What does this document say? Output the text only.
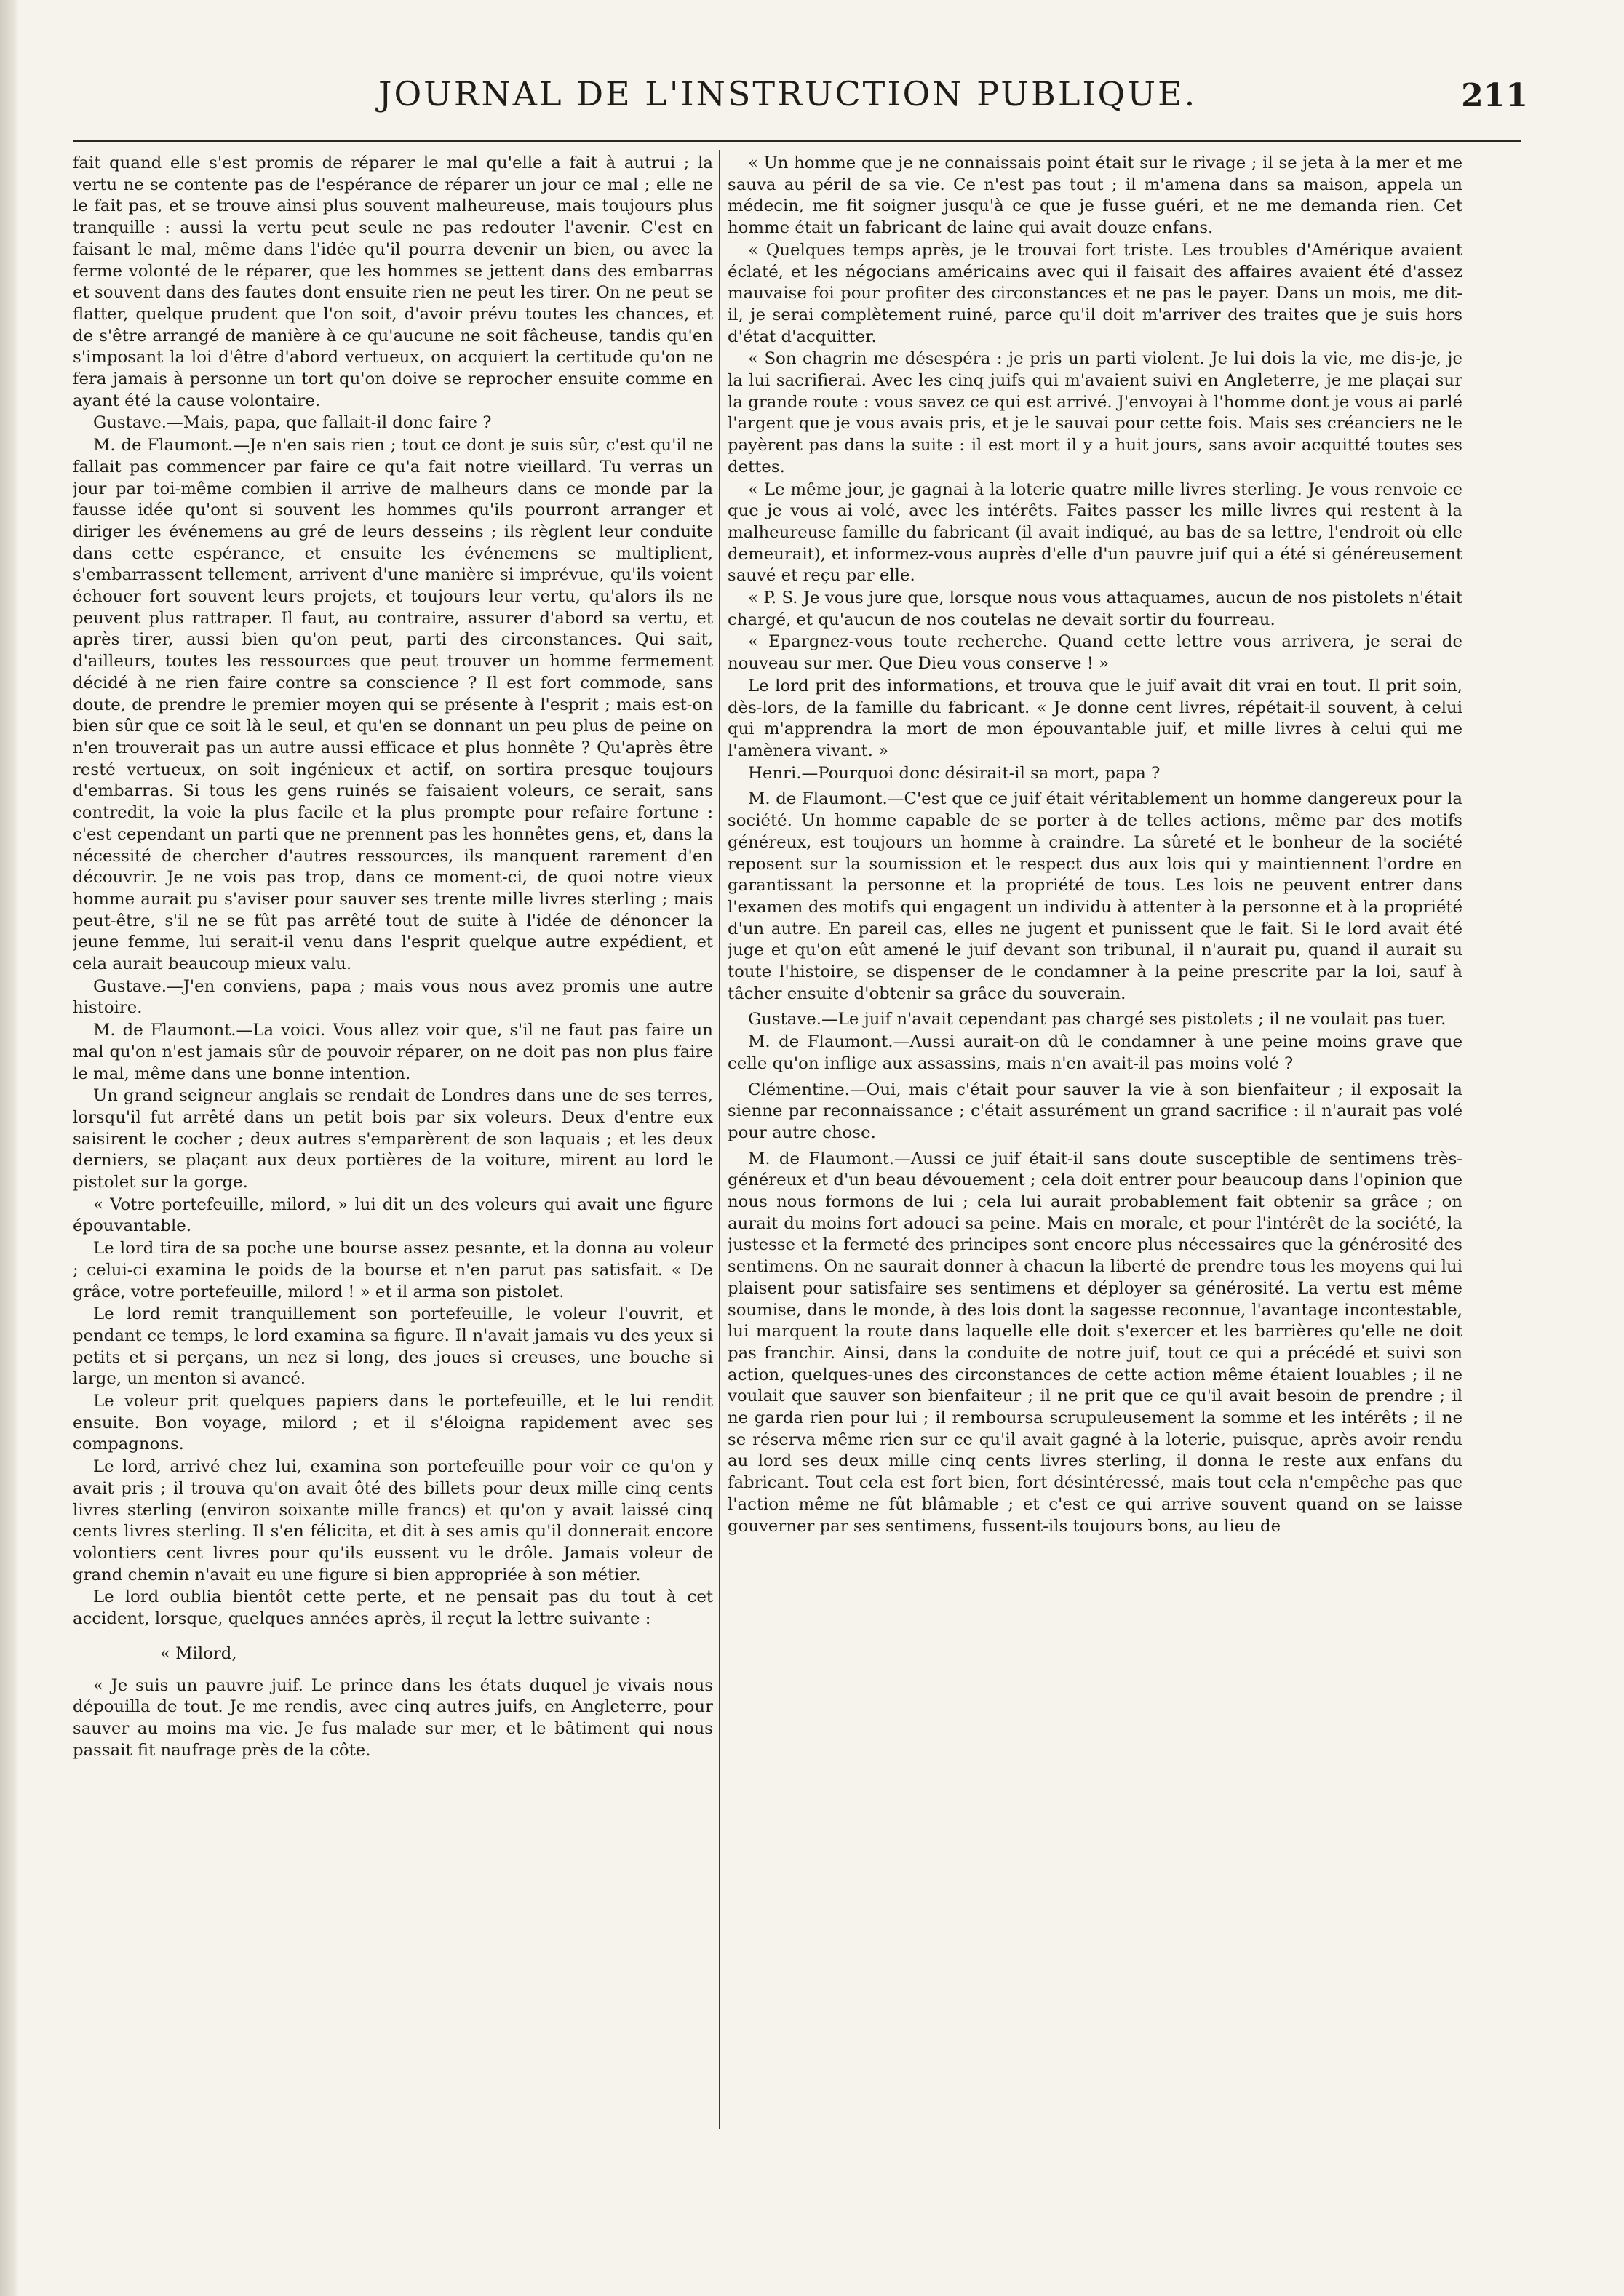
JOURNAL DE L'INSTRUCTION PUBLIQUE.	211

fait quand elle s'est promis de réparer le mal qu'elle a fait à autrui ; la vertu ne se contente pas de l'espérance de réparer un jour ce mal ; elle ne le fait pas, et se trouve ainsi plus souvent malheureuse, mais toujours plus tranquille : aussi la vertu peut seule ne pas redouter l'avenir. C'est en faisant le mal, même dans l'idée qu'il pourra devenir un bien, ou avec la ferme volonté de le réparer, que les hommes se jettent dans des embarras et souvent dans des fautes dont ensuite rien ne peut les tirer. On ne peut se flatter, quelque prudent que l'on soit, d'avoir prévu toutes les chances, et de s'être arrangé de manière à ce qu'aucune ne soit fâcheuse, tandis qu'en s'imposant la loi d'être d'abord vertueux, on acquiert la certitude qu'on ne fera jamais à personne un tort qu'on doive se reprocher ensuite comme en ayant été la cause volontaire.

Gustave.—Mais, papa, que fallait-il donc faire ?

M. de Flaumont.—Je n'en sais rien ; tout ce dont je suis sûr, c'est qu'il ne fallait pas commencer par faire ce qu'a fait notre vieillard. Tu verras un jour par toi-même combien il arrive de malheurs dans ce monde par la fausse idée qu'ont si souvent les hommes qu'ils pourront arranger et diriger les événemens au gré de leurs desseins ; ils règlent leur conduite dans cette espérance, et ensuite les événemens se multiplient, s'embarrassent tellement, arrivent d'une manière si imprévue, qu'ils voient échouer fort souvent leurs projets, et toujours leur vertu, qu'alors ils ne peuvent plus rattraper. Il faut, au contraire, assurer d'abord sa vertu, et après tirer, aussi bien qu'on peut, parti des circonstances. Qui sait, d'ailleurs, toutes les ressources que peut trouver un homme fermement décidé à ne rien faire contre sa conscience ? Il est fort commode, sans doute, de prendre le premier moyen qui se présente à l'esprit ; mais est-on bien sûr que ce soit là le seul, et qu'en se donnant un peu plus de peine on n'en trouverait pas un autre aussi efficace et plus honnête ? Qu'après être resté vertueux, on soit ingénieux et actif, on sortira presque toujours d'embarras. Si tous les gens ruinés se faisaient voleurs, ce serait, sans contredit, la voie la plus facile et la plus prompte pour refaire fortune : c'est cependant un parti que ne prennent pas les honnêtes gens, et, dans la nécessité de chercher d'autres ressources, ils manquent rarement d'en découvrir. Je ne vois pas trop, dans ce moment-ci, de quoi notre vieux homme aurait pu s'aviser pour sauver ses trente mille livres sterling ; mais peut-être, s'il ne se fût pas arrêté tout de suite à l'idée de dénoncer la jeune femme, lui serait-il venu dans l'esprit quelque autre expédient, et cela aurait beaucoup mieux valu.

Gustave.—J'en conviens, papa ; mais vous nous avez promis une autre histoire.

M. de Flaumont.—La voici. Vous allez voir que, s'il ne faut pas faire un mal qu'on n'est jamais sûr de pouvoir réparer, on ne doit pas non plus faire le mal, même dans une bonne intention.

Un grand seigneur anglais se rendait de Londres dans une de ses terres, lorsqu'il fut arrêté dans un petit bois par six voleurs. Deux d'entre eux saisirent le cocher ; deux autres s'emparèrent de son laquais ; et les deux derniers, se plaçant aux deux portières de la voiture, mirent au lord le pistolet sur la gorge.

« Votre portefeuille, milord, » lui dit un des voleurs qui avait une figure épouvantable.

Le lord tira de sa poche une bourse assez pesante, et la donna au voleur ; celui-ci examina le poids de la bourse et n'en parut pas satisfait. « De grâce, votre portefeuille, milord ! » et il arma son pistolet.

Le lord remit tranquillement son portefeuille, le voleur l'ouvrit, et pendant ce temps, le lord examina sa figure. Il n'avait jamais vu des yeux si petits et si perçans, un nez si long, des joues si creuses, une bouche si large, un menton si avancé.

Le voleur prit quelques papiers dans le portefeuille, et le lui rendit ensuite. Bon voyage, milord ; et il s'éloigna rapidement avec ses compagnons.

Le lord, arrivé chez lui, examina son portefeuille pour voir ce qu'on y avait pris ; il trouva qu'on avait ôté des billets pour deux mille cinq cents livres sterling (environ soixante mille francs) et qu'on y avait laissé cinq cents livres sterling. Il s'en félicita, et dit à ses amis qu'il donnerait encore volontiers cent livres pour qu'ils eussent vu le drôle. Jamais voleur de grand chemin n'avait eu une figure si bien appropriée à son métier.

Le lord oublia bientôt cette perte, et ne pensait pas du tout à cet accident, lorsque, quelques années après, il reçut la lettre suivante :

« Milord,

« Je suis un pauvre juif. Le prince dans les états duquel je vivais nous dépouilla de tout. Je me rendis, avec cinq autres juifs, en Angleterre, pour sauver au moins ma vie. Je fus malade sur mer, et le bâtiment qui nous passait fit naufrage près de la côte.

« Un homme que je ne connaissais point était sur le rivage ; il se jeta à la mer et me sauva au péril de sa vie. Ce n'est pas tout ; il m'amena dans sa maison, appela un médecin, me fit soigner jusqu'à ce que je fusse guéri, et ne me demanda rien. Cet homme était un fabricant de laine qui avait douze enfans.

« Quelques temps après, je le trouvai fort triste. Les troubles d'Amérique avaient éclaté, et les négocians américains avec qui il faisait des affaires avaient été d'assez mauvaise foi pour profiter des circonstances et ne pas le payer. Dans un mois, me dit-il, je serai complètement ruiné, parce qu'il doit m'arriver des traites que je suis hors d'état d'acquitter.

« Son chagrin me désespéra : je pris un parti violent. Je lui dois la vie, me dis-je, je la lui sacrifierai. Avec les cinq juifs qui m'avaient suivi en Angleterre, je me plaçai sur la grande route : vous savez ce qui est arrivé. J'envoyai à l'homme dont je vous ai parlé l'argent que je vous avais pris, et je le sauvai pour cette fois. Mais ses créanciers ne le payèrent pas dans la suite : il est mort il y a huit jours, sans avoir acquitté toutes ses dettes.

« Le même jour, je gagnai à la loterie quatre mille livres sterling. Je vous renvoie ce que je vous ai volé, avec les intérêts. Faites passer les mille livres qui restent à la malheureuse famille du fabricant (il avait indiqué, au bas de sa lettre, l'endroit où elle demeurait), et informez-vous auprès d'elle d'un pauvre juif qui a été si généreusement sauvé et reçu par elle.

« P. S. Je vous jure que, lorsque nous vous attaquames, aucun de nos pistolets n'était chargé, et qu'aucun de nos coutelas ne devait sortir du fourreau.

« Epargnez-vous toute recherche. Quand cette lettre vous arrivera, je serai de nouveau sur mer. Que Dieu vous conserve ! »

Le lord prit des informations, et trouva que le juif avait dit vrai en tout. Il prit soin, dès-lors, de la famille du fabricant. « Je donne cent livres, répétait-il souvent, à celui qui m'apprendra la mort de mon épouvantable juif, et mille livres à celui qui me l'amènera vivant. »

Henri.—Pourquoi donc désirait-il sa mort, papa ?

M. de Flaumont.—C'est que ce juif était véritablement un homme dangereux pour la société. Un homme capable de se porter à de telles actions, même par des motifs généreux, est toujours un homme à craindre. La sûreté et le bonheur de la société reposent sur la soumission et le respect dus aux lois qui y maintiennent l'ordre en garantissant la personne et la propriété de tous. Les lois ne peuvent entrer dans l'examen des motifs qui engagent un individu à attenter à la personne et à la propriété d'un autre. En pareil cas, elles ne jugent et punissent que le fait. Si le lord avait été juge et qu'on eût amené le juif devant son tribunal, il n'aurait pu, quand il aurait su toute l'histoire, se dispenser de le condamner à la peine prescrite par la loi, sauf à tâcher ensuite d'obtenir sa grâce du souverain.

Gustave.—Le juif n'avait cependant pas chargé ses pistolets ; il ne voulait pas tuer.

M. de Flaumont.—Aussi aurait-on dû le condamner à une peine moins grave que celle qu'on inflige aux assassins, mais n'en avait-il pas moins volé ?

Clémentine.—Oui, mais c'était pour sauver la vie à son bienfaiteur ; il exposait la sienne par reconnaissance ; c'était assurément un grand sacrifice : il n'aurait pas volé pour autre chose.

M. de Flaumont.—Aussi ce juif était-il sans doute susceptible de sentimens très-généreux et d'un beau dévouement ; cela doit entrer pour beaucoup dans l'opinion que nous nous formons de lui ; cela lui aurait probablement fait obtenir sa grâce ; on aurait du moins fort adouci sa peine. Mais en morale, et pour l'intérêt de la société, la justesse et la fermeté des principes sont encore plus nécessaires que la générosité des sentimens. On ne saurait donner à chacun la liberté de prendre tous les moyens qui lui plaisent pour satisfaire ses sentimens et déployer sa générosité. La vertu est même soumise, dans le monde, à des lois dont la sagesse reconnue, l'avantage incontestable, lui marquent la route dans laquelle elle doit s'exercer et les barrières qu'elle ne doit pas franchir. Ainsi, dans la conduite de notre juif, tout ce qui a précédé et suivi son action, quelques-unes des circonstances de cette action même étaient louables ; il ne voulait que sauver son bienfaiteur ; il ne prit que ce qu'il avait besoin de prendre ; il ne garda rien pour lui ; il remboursa scrupuleusement la somme et les intérêts ; il ne se réserva même rien sur ce qu'il avait gagné à la loterie, puisque, après avoir rendu au lord ses deux mille cinq cents livres sterling, il donna le reste aux enfans du fabricant. Tout cela est fort bien, fort désintéressé, mais tout cela n'empêche pas que l'action même ne fût blâmable ; et c'est ce qui arrive souvent quand on se laisse gouverner par ses sentimens, fussent-ils toujours bons, au lieu de
